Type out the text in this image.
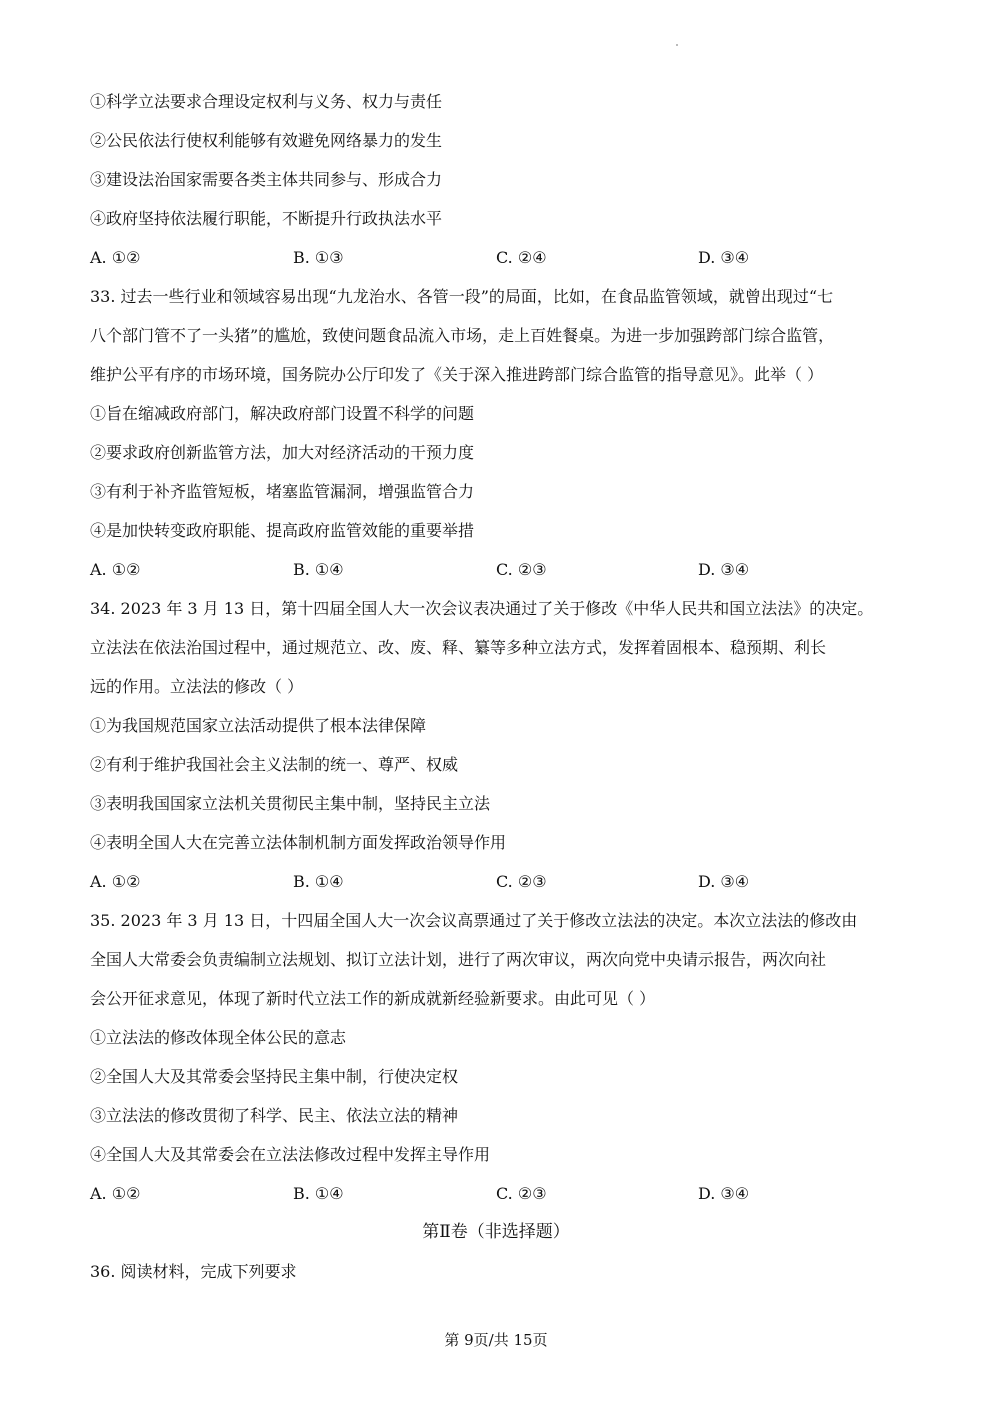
①科学立法要求合理设定权利与义务、权力与责任
②公民依法行使权利能够有效避免网络暴力的发生
③建设法治国家需要各类主体共同参与、形成合力
④政府坚持依法履行职能，不断提升行政执法水平
A. ①②	B. ①③	C. ②④	D. ③④
33. 过去一些行业和领域容易出现“九龙治水、各管一段”的局面，比如，在食品监管领域，就曾出现过“七
八个部门管不了一头猪”的尴尬，致使问题食品流入市场，走上百姓餐桌。为进一步加强跨部门综合监管，
维护公平有序的市场环境，国务院办公厅印发了《关于深入推进跨部门综合监管的指导意见》。此举（ ）
①旨在缩减政府部门，解决政府部门设置不科学的问题
②要求政府创新监管方法，加大对经济活动的干预力度
③有利于补齐监管短板，堵塞监管漏洞，增强监管合力
④是加快转变政府职能、提高政府监管效能的重要举措
A. ①②	B. ①④	C. ②③	D. ③④
34. 2023 年 3 月 13 日，第十四届全国人大一次会议表决通过了关于修改《中华人民共和国立法法》的决定。
立法法在依法治国过程中，通过规范立、改、废、释、纂等多种立法方式，发挥着固根本、稳预期、利长
远的作用。立法法的修改（ ）
①为我国规范国家立法活动提供了根本法律保障
②有利于维护我国社会主义法制的统一、尊严、权威
③表明我国国家立法机关贯彻民主集中制，坚持民主立法
④表明全国人大在完善立法体制机制方面发挥政治领导作用
A. ①②	B. ①④	C. ②③	D. ③④
35. 2023 年 3 月 13 日，十四届全国人大一次会议高票通过了关于修改立法法的决定。本次立法法的修改由
全国人大常委会负责编制立法规划、拟订立法计划，进行了两次审议，两次向党中央请示报告，两次向社
会公开征求意见，体现了新时代立法工作的新成就新经验新要求。由此可见（ ）
①立法法的修改体现全体公民的意志
②全国人大及其常委会坚持民主集中制，行使决定权
③立法法的修改贯彻了科学、民主、依法立法的精神
④全国人大及其常委会在立法法修改过程中发挥主导作用
A. ①②	B. ①④	C. ②③	D. ③④
第Ⅱ卷（非选择题）
36. 阅读材料，完成下列要求
第 9页/共 15页
